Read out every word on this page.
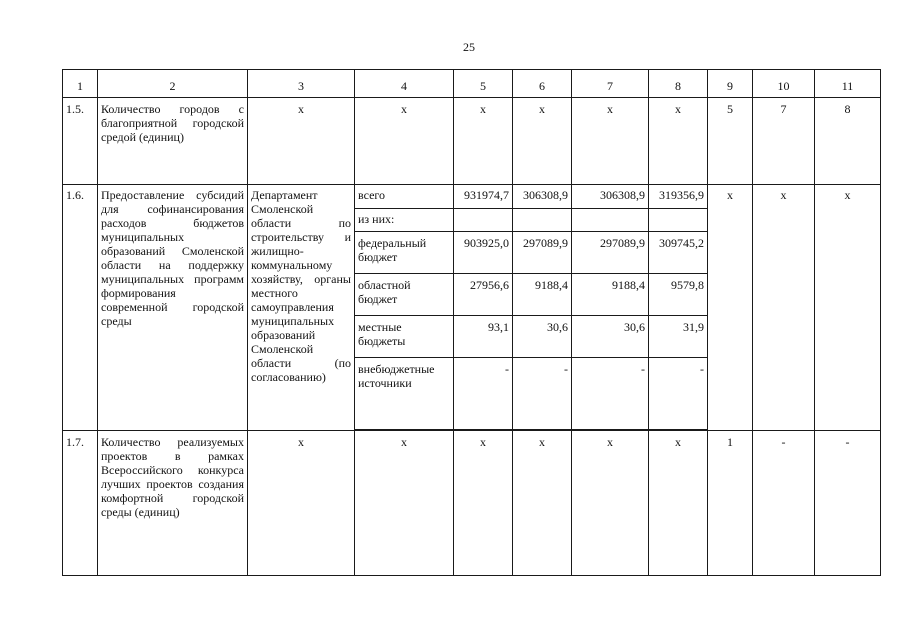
25
1	2	3	4	5	6	7	8	9	10	11
1.5.	Количество городов с благоприятной городской средой (единиц)	x	x	x	x	x	x	5	7	8
1.6.	Предоставление субсидий для софинансирования расходов бюджетов муниципальных образований Смоленской области на поддержку муниципальных программ формирования современной городской среды	Департамент Смоленской области по строительству и жилищно-коммунальному хозяйству, органы местного самоуправления муниципальных образований Смоленской области (по согласованию)	всего	931974,7	306308,9	306308,9	319356,9	x	x	x
			из них:							
			федеральный бюджет	903925,0	297089,9	297089,9	309745,2			
			областной бюджет	27956,6	9188,4	9188,4	9579,8			
			местные бюджеты	93,1	30,6	30,6	31,9			
			внебюджетные источники	-	-	-	-			

1.7.	Количество реализуемых проектов в рамках Всероссийского конкурса лучших проектов создания комфортной городской среды (единиц)	x	x	x	x	x	x	1	-	-
